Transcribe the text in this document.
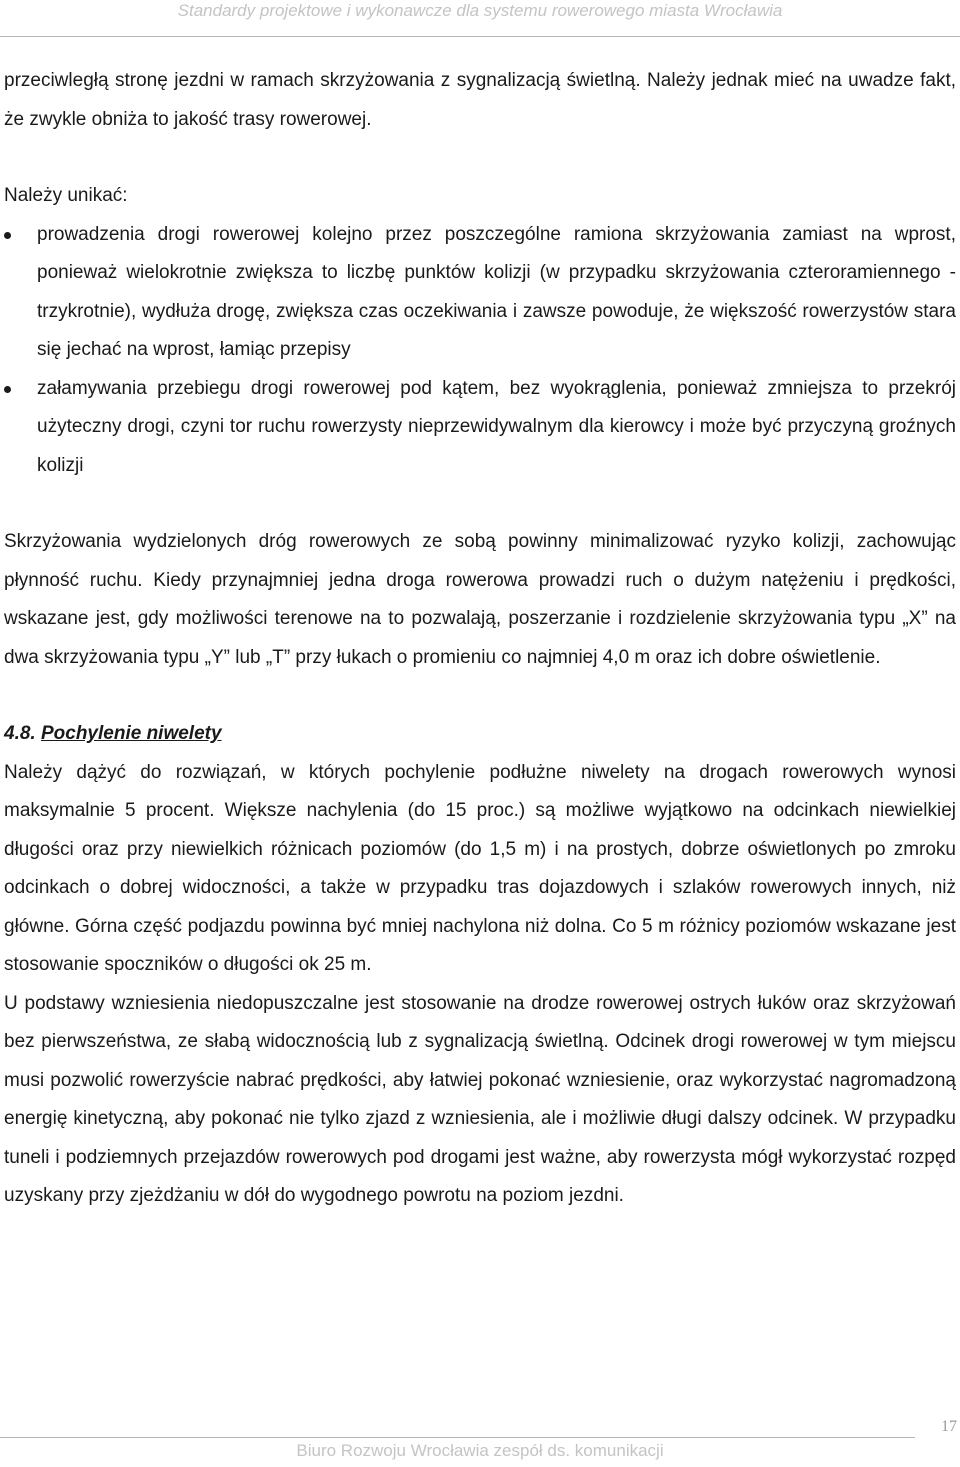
Standardy projektowe i wykonawcze dla systemu rowerowego miasta Wrocławia

przeciwległą stronę jezdni w ramach skrzyżowania z sygnalizacją świetlną. Należy jednak mieć na uwadze fakt, że zwykle obniża to jakość trasy rowerowej.

Należy unikać:

prowadzenia drogi rowerowej kolejno przez poszczególne ramiona skrzyżowania zamiast na wprost, ponieważ wielokrotnie zwiększa to liczbę punktów kolizji (w przypadku skrzyżowania czteroramiennego - trzykrotnie), wydłuża drogę, zwiększa czas oczekiwania i zawsze powoduje, że większość rowerzystów stara się jechać na wprost, łamiąc przepisy

załamywania przebiegu drogi rowerowej pod kątem, bez wyokrąglenia, ponieważ zmniejsza to przekrój użyteczny drogi, czyni tor ruchu rowerzysty nieprzewidywalnym dla kierowcy i może być przyczyną groźnych kolizji

Skrzyżowania wydzielonych dróg rowerowych ze sobą powinny minimalizować ryzyko kolizji, zachowując płynność ruchu. Kiedy przynajmniej jedna droga rowerowa prowadzi ruch o dużym natężeniu i prędkości, wskazane jest, gdy możliwości terenowe na to pozwalają, poszerzanie i rozdzielenie skrzyżowania typu „X” na dwa skrzyżowania typu „Y” lub „T” przy łukach o promieniu co najmniej 4,0 m oraz ich dobre oświetlenie.

4.8. Pochylenie niwelety

Należy dążyć do rozwiązań, w których pochylenie podłużne niwelety na drogach rowerowych wynosi maksymalnie 5 procent. Większe nachylenia (do 15 proc.) są możliwe wyjątkowo na odcinkach niewielkiej długości oraz przy niewielkich różnicach poziomów (do 1,5 m) i na prostych, dobrze oświetlonych po zmroku odcinkach o dobrej widoczności, a także w przypadku tras dojazdowych i szlaków rowerowych innych, niż główne. Górna część podjazdu powinna być mniej nachylona niż dolna. Co 5 m różnicy poziomów wskazane jest stosowanie spoczników o długości ok 25 m.

U podstawy wzniesienia niedopuszczalne jest stosowanie na drodze rowerowej ostrych łuków oraz skrzyżowań bez pierwszeństwa, ze słabą widocznością lub z sygnalizacją świetlną. Odcinek drogi rowerowej w tym miejscu musi pozwolić rowerzyście nabrać prędkości, aby łatwiej pokonać wzniesienie, oraz wykorzystać nagromadzoną energię kinetyczną, aby pokonać nie tylko zjazd z wzniesienia, ale i możliwie długi dalszy odcinek. W przypadku tuneli i podziemnych przejazdów rowerowych pod drogami jest ważne, aby rowerzysta mógł wykorzystać rozpęd uzyskany przy zjeżdżaniu w dół do wygodnego powrotu na poziom jezdni.

17
Biuro Rozwoju Wrocławia zespół ds. komunikacji
